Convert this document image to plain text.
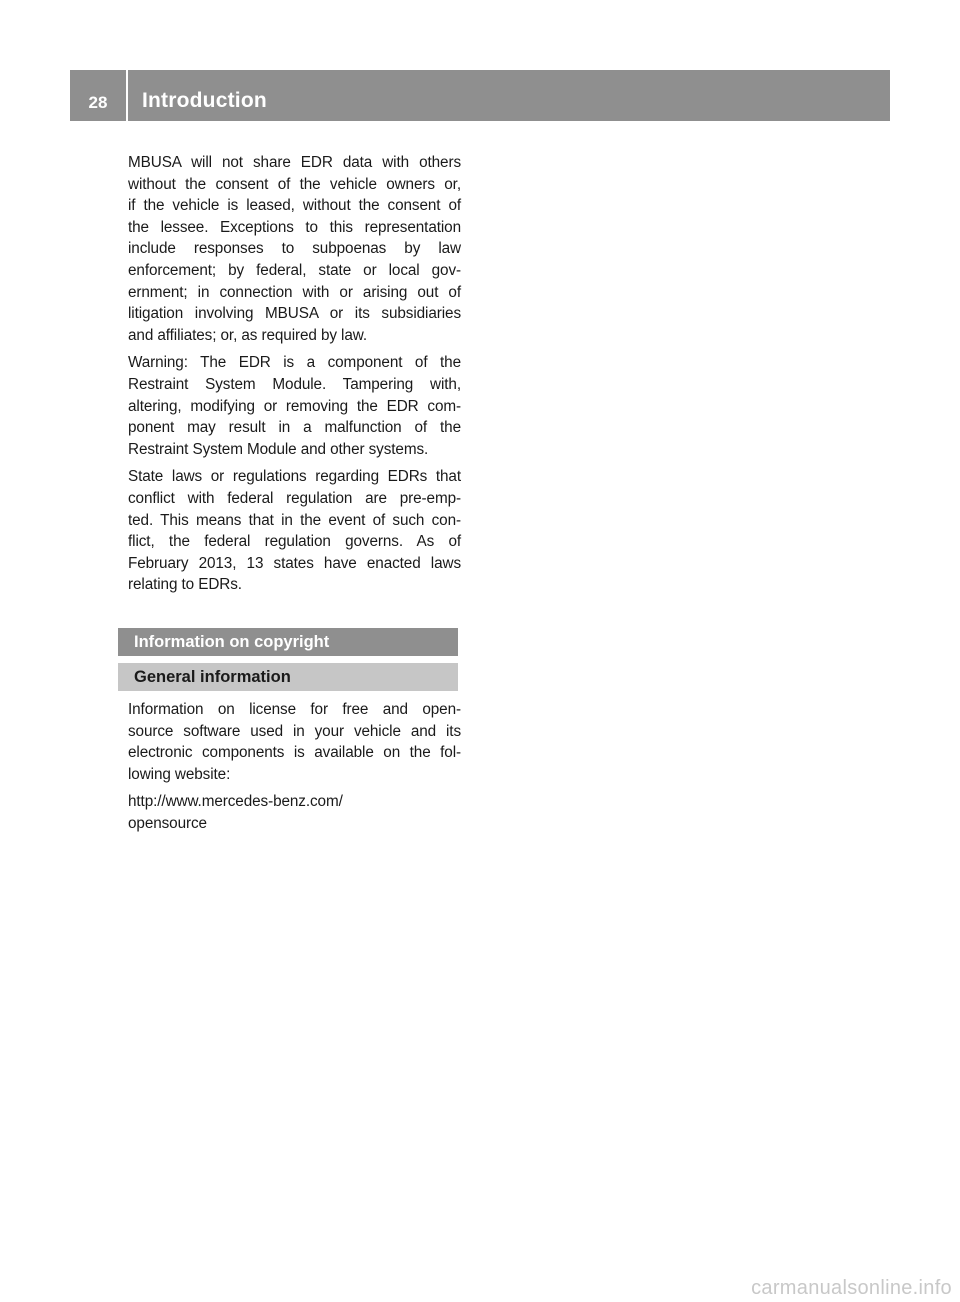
28	Introduction

MBUSA will not share EDR data with others
without the consent of the vehicle owners or,
if the vehicle is leased, without the consent of
the lessee. Exceptions to this representation
include responses to subpoenas by law
enforcement; by federal, state or local gov-
ernment; in connection with or arising out of
litigation involving MBUSA or its subsidiaries
and affiliates; or, as required by law.

Warning: The EDR is a component of the
Restraint System Module. Tampering with,
altering, modifying or removing the EDR com-
ponent may result in a malfunction of the
Restraint System Module and other systems.

State laws or regulations regarding EDRs that
conflict with federal regulation are pre-emp-
ted. This means that in the event of such con-
flict, the federal regulation governs. As of
February 2013, 13 states have enacted laws
relating to EDRs.

Information on copyright
General information

Information on license for free and open-
source software used in your vehicle and its
electronic components is available on the fol-
lowing website:

http://www.mercedes-benz.com/
opensource

carmanualsonline.info
